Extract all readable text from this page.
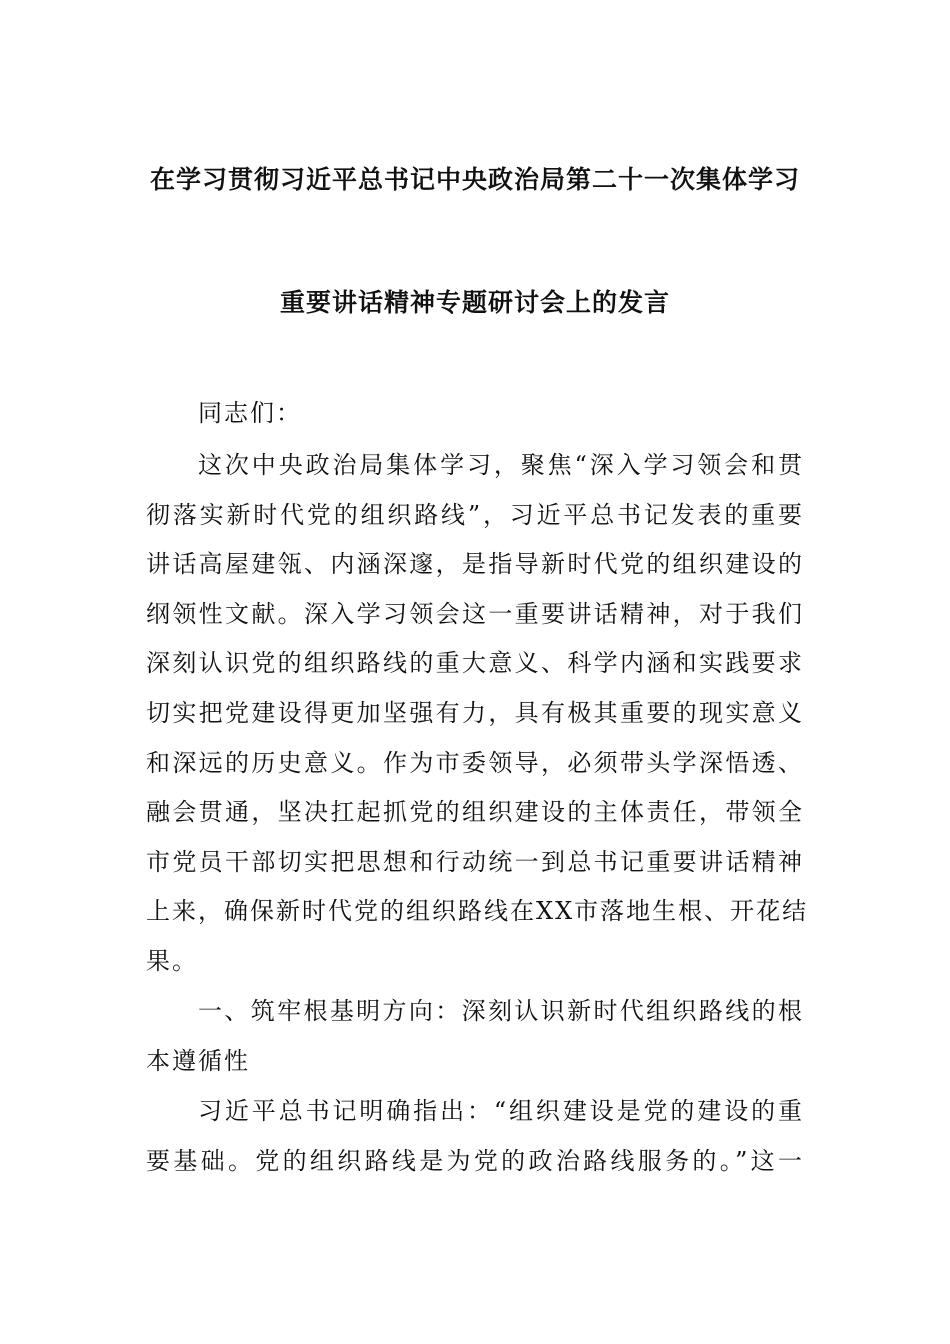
在学习贯彻习近平总书记中央政治局第二十一次集体学习
重要讲话精神专题研讨会上的发言
同志们：
这次中央政治局集体学习，聚焦“深入学习领会和贯
彻落实新时代党的组织路线”，习近平总书记发表的重要
讲话高屋建瓴、内涵深邃，是指导新时代党的组织建设的
纲领性文献。深入学习领会这一重要讲话精神，对于我们
深刻认识党的组织路线的重大意义、科学内涵和实践要求
切实把党建设得更加坚强有力，具有极其重要的现实意义
和深远的历史意义。作为市委领导，必须带头学深悟透、
融会贯通，坚决扛起抓党的组织建设的主体责任，带领全
市党员干部切实把思想和行动统一到总书记重要讲话精神
上来，确保新时代党的组织路线在XX市落地生根、开花结
果。
一、筑牢根基明方向：深刻认识新时代组织路线的根
本遵循性
习近平总书记明确指出：“组织建设是党的建设的重
要基础。党的组织路线是为党的政治路线服务的。”这一
